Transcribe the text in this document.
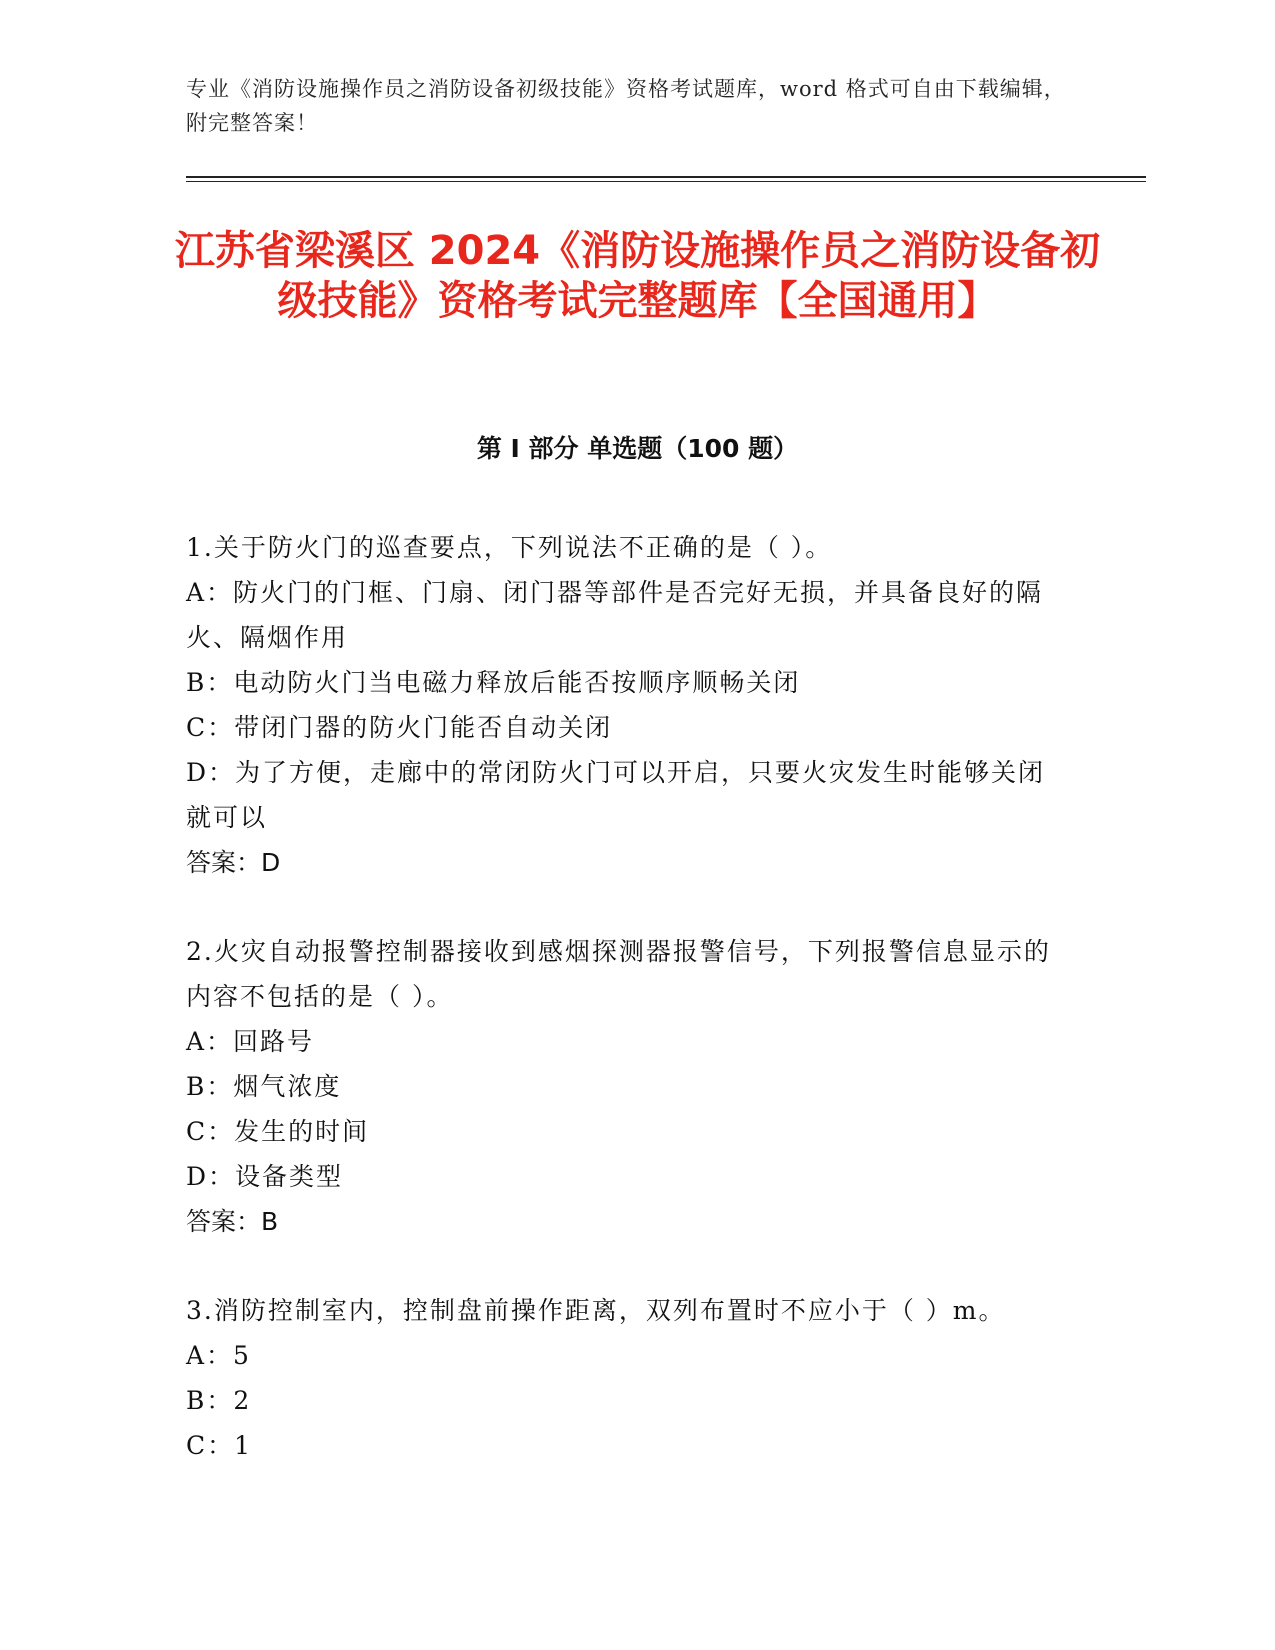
专业《消防设施操作员之消防设备初级技能》资格考试题库，word 格式可自由下载编辑，附完整答案！
江苏省梁溪区 2024《消防设施操作员之消防设备初级技能》资格考试完整题库【全国通用】
第 I 部分 单选题（100 题）
1.关于防火门的巡查要点，下列说法不正确的是（ ）。
A：防火门的门框、门扇、闭门器等部件是否完好无损，并具备良好的隔火、隔烟作用
B：电动防火门当电磁力释放后能否按顺序顺畅关闭
C：带闭门器的防火门能否自动关闭
D：为了方便，走廊中的常闭防火门可以开启，只要火灾发生时能够关闭就可以
答案：D
2.火灾自动报警控制器接收到感烟探测器报警信号，下列报警信息显示的内容不包括的是（ ）。
A：回路号
B：烟气浓度
C：发生的时间
D：设备类型
答案：B
3.消防控制室内，控制盘前操作距离，双列布置时不应小于（ ）m。
A：5
B：2
C：1
